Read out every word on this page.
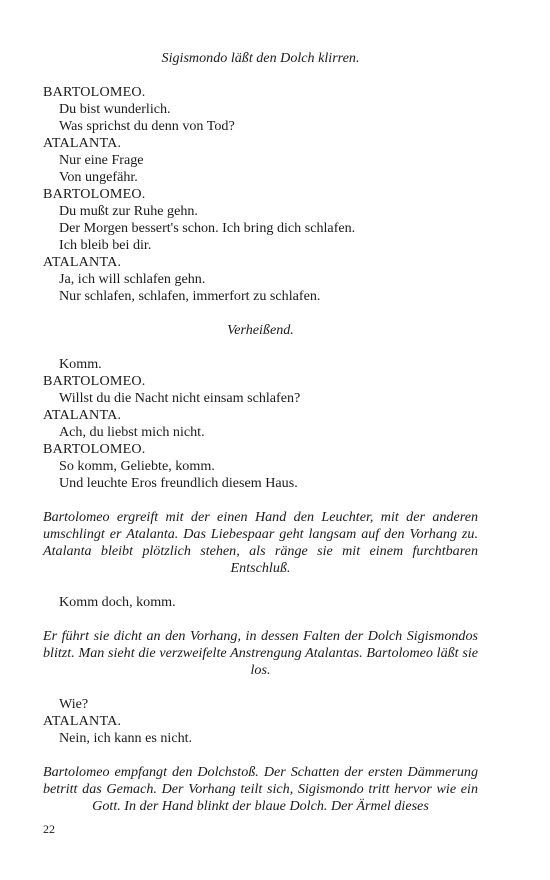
Sigismondo läßt den Dolch klirren.
BARTOLOMEO.
Du bist wunderlich.
Was sprichst du denn von Tod?
ATALANTA.
Nur eine Frage
Von ungefähr.
BARTOLOMEO.
Du mußt zur Ruhe gehn.
Der Morgen bessert's schon. Ich bring dich schlafen.
Ich bleib bei dir.
ATALANTA.
Ja, ich will schlafen gehn.
Nur schlafen, schlafen, immerfort zu schlafen.
Verheißend.
Komm.
BARTOLOMEO.
Willst du die Nacht nicht einsam schlafen?
ATALANTA.
Ach, du liebst mich nicht.
BARTOLOMEO.
So komm, Geliebte, komm.
Und leuchte Eros freundlich diesem Haus.
Bartolomeo ergreift mit der einen Hand den Leuchter, mit der anderen umschlingt er Atalanta. Das Liebespaar geht langsam auf den Vorhang zu. Atalanta bleibt plötzlich stehen, als ränge sie mit einem furchtbaren Entschluß.
Komm doch, komm.
Er führt sie dicht an den Vorhang, in dessen Falten der Dolch Sigismondos blitzt. Man sieht die verzweifelte Anstrengung Atalantas. Bartolomeo läßt sie los.
Wie?
ATALANTA.
Nein, ich kann es nicht.
Bartolomeo empfangt den Dolchstoß. Der Schatten der ersten Dämmerung betritt das Gemach. Der Vorhang teilt sich, Sigismondo tritt hervor wie ein Gott. In der Hand blinkt der blaue Dolch. Der Ärmel dieses
22
